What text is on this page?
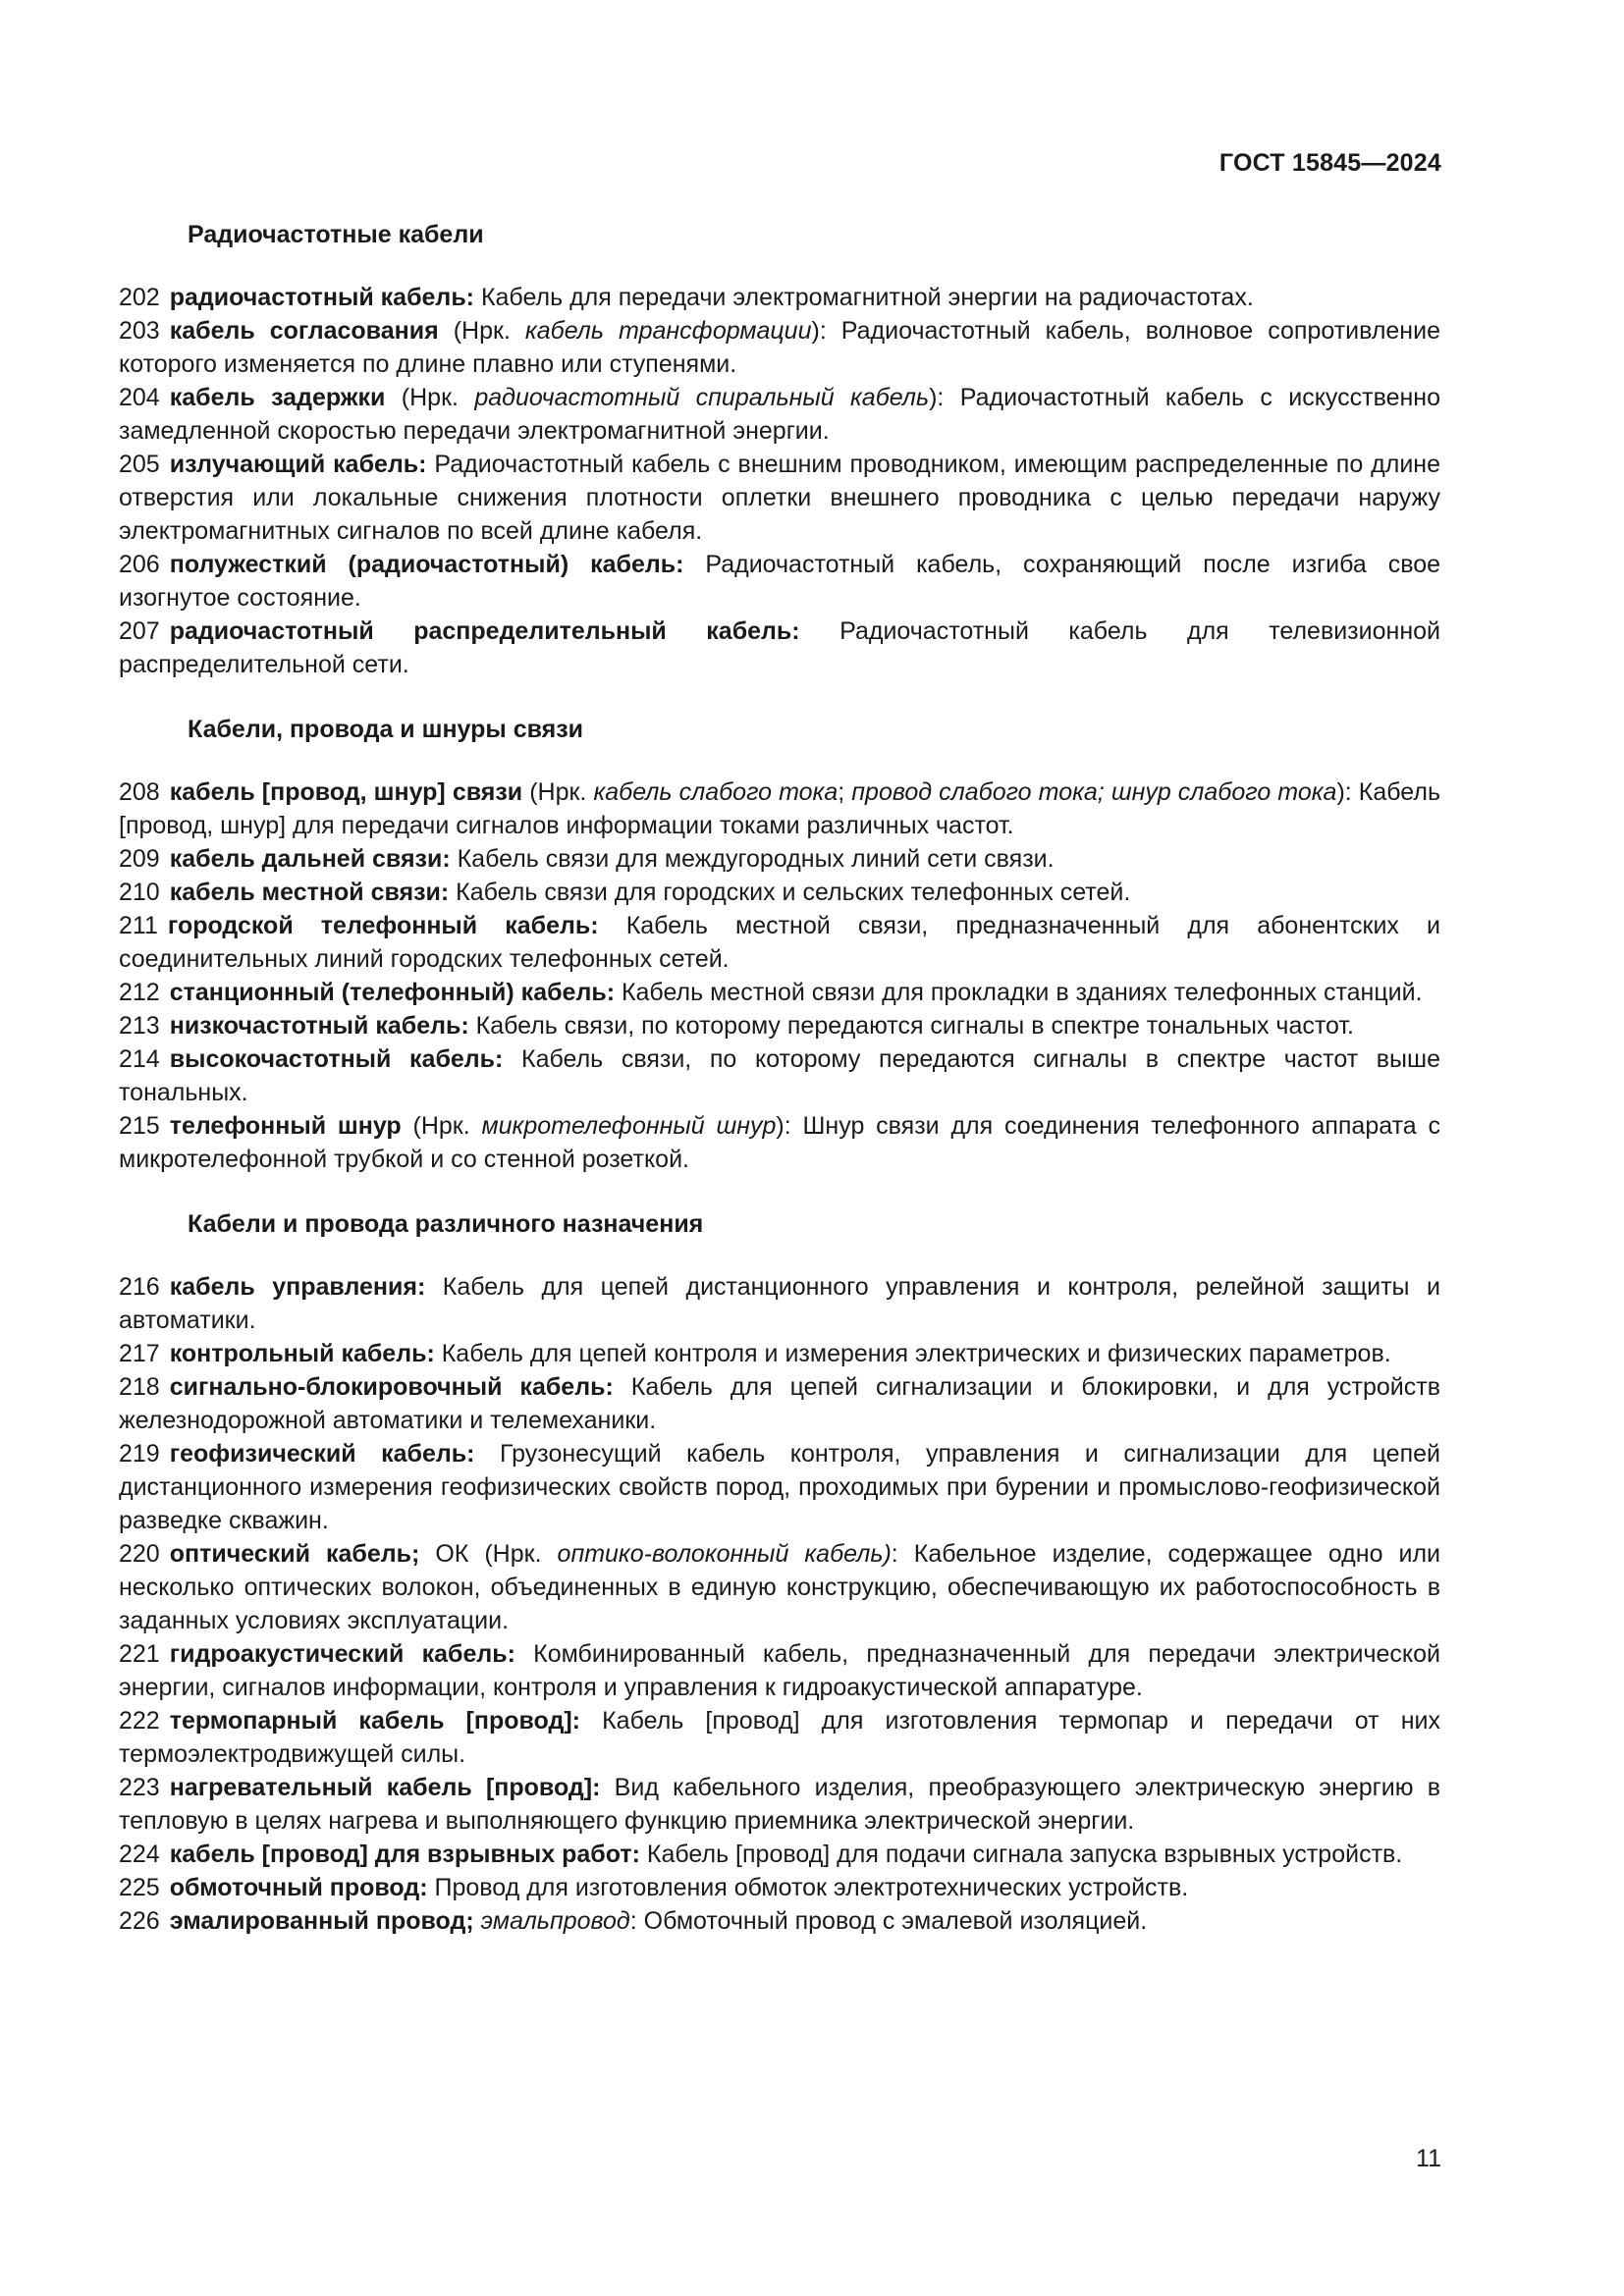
ГОСТ 15845—2024
Радиочастотные кабели

202 радиочастотный кабель: Кабель для передачи электромагнитной энергии на радиочастотах.

203 кабель согласования (Нрк. кабель трансформации): Радиочастотный кабель, волновое сопротивление которого изменяется по длине плавно или ступенями.

204 кабель задержки (Нрк. радиочастотный спиральный кабель): Радиочастотный кабель с искусственно замедленной скоростью передачи электромагнитной энергии.

205 излучающий кабель: Радиочастотный кабель с внешним проводником, имеющим распределенные по длине отверстия или локальные снижения плотности оплетки внешнего проводника с целью передачи наружу электромагнитных сигналов по всей длине кабеля.

206 полужесткий (радиочастотный) кабель: Радиочастотный кабель, сохраняющий после изгиба свое изогнутое состояние.

207 радиочастотный распределительный кабель: Радиочастотный кабель для телевизионной распределительной сети.

Кабели, провода и шнуры связи

208 кабель [провод, шнур] связи (Нрк. кабель слабого тока; провод слабого тока; шнур слабого тока): Кабель [провод, шнур] для передачи сигналов информации токами различных частот.

209 кабель дальней связи: Кабель связи для междугородных линий сети связи.

210 кабель местной связи: Кабель связи для городских и сельских телефонных сетей.

211 городской телефонный кабель: Кабель местной связи, предназначенный для абонентских и соединительных линий городских телефонных сетей.

212 станционный (телефонный) кабель: Кабель местной связи для прокладки в зданиях телефонных станций.

213 низкочастотный кабель: Кабель связи, по которому передаются сигналы в спектре тональных частот.

214 высокочастотный кабель: Кабель связи, по которому передаются сигналы в спектре частот выше тональных.

215 телефонный шнур (Нрк. микротелефонный шнур): Шнур связи для соединения телефонного аппарата с микротелефонной трубкой и со стенной розеткой.

Кабели и провода различного назначения

216 кабель управления: Кабель для цепей дистанционного управления и контроля, релейной защиты и автоматики.

217 контрольный кабель: Кабель для цепей контроля и измерения электрических и физических параметров.

218 сигнально-блокировочный кабель: Кабель для цепей сигнализации и блокировки, и для устройств железнодорожной автоматики и телемеханики.

219 геофизический кабель: Грузонесущий кабель контроля, управления и сигнализации для цепей дистанционного измерения геофизических свойств пород, проходимых при бурении и промыслово-геофизической разведке скважин.

220 оптический кабель; ОК (Нрк. оптико-волоконный кабель): Кабельное изделие, содержащее одно или несколько оптических волокон, объединенных в единую конструкцию, обеспечивающую их работоспособность в заданных условиях эксплуатации.

221 гидроакустический кабель: Комбинированный кабель, предназначенный для передачи электрической энергии, сигналов информации, контроля и управления к гидроакустической аппаратуре.

222 термопарный кабель [провод]: Кабель [провод] для изготовления термопар и передачи от них термоэлектродвижущей силы.

223 нагревательный кабель [провод]: Вид кабельного изделия, преобразующего электрическую энергию в тепловую в целях нагрева и выполняющего функцию приемника электрической энергии.

224 кабель [провод] для взрывных работ: Кабель [провод] для подачи сигнала запуска взрывных устройств.

225 обмоточный провод: Провод для изготовления обмоток электротехнических устройств.

226 эмалированный провод; эмальпровод: Обмоточный провод с эмалевой изоляцией.

11
